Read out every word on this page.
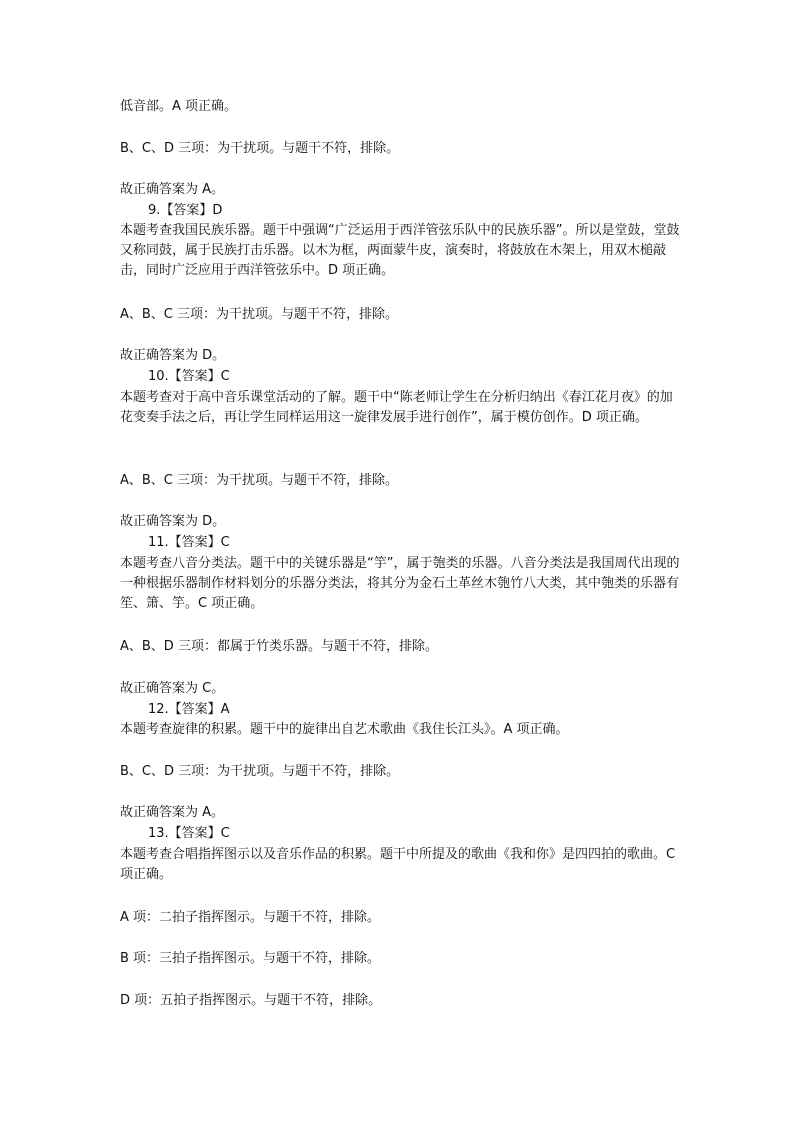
低音部。A 项正确。
B、C、D 三项：为干扰项。与题干不符，排除。
故正确答案为 A。
9.【答案】D
本题考查我国民族乐器。题干中强调“广泛运用于西洋管弦乐队中的民族乐器”。所以是堂鼓，堂鼓又称同鼓，属于民族打击乐器。以木为框，两面蒙牛皮，演奏时，将鼓放在木架上，用双木槌敲击，同时广泛应用于西洋管弦乐中。D 项正确。
A、B、C 三项：为干扰项。与题干不符，排除。
故正确答案为 D。
10.【答案】C
本题考查对于高中音乐课堂活动的了解。题干中“陈老师让学生在分析归纳出《春江花月夜》的加花变奏手法之后，再让学生同样运用这一旋律发展手进行创作”，属于模仿创作。D 项正确。
A、B、C 三项：为干扰项。与题干不符，排除。
故正确答案为 D。
11.【答案】C
本题考查八音分类法。题干中的关键乐器是“竽”，属于匏类的乐器。八音分类法是我国周代出现的一种根据乐器制作材料划分的乐器分类法，将其分为金石土革丝木匏竹八大类，其中匏类的乐器有笙、箫、竽。C 项正确。
A、B、D 三项：都属于竹类乐器。与题干不符，排除。
故正确答案为 C。
12.【答案】A
本题考查旋律的积累。题干中的旋律出自艺术歌曲《我住长江头》。A 项正确。
B、C、D 三项：为干扰项。与题干不符，排除。
故正确答案为 A。
13.【答案】C
本题考查合唱指挥图示以及音乐作品的积累。题干中所提及的歌曲《我和你》是四四拍的歌曲。C 项正确。
A 项：二拍子指挥图示。与题干不符，排除。
B 项：三拍子指挥图示。与题干不符，排除。
D 项：五拍子指挥图示。与题干不符，排除。
